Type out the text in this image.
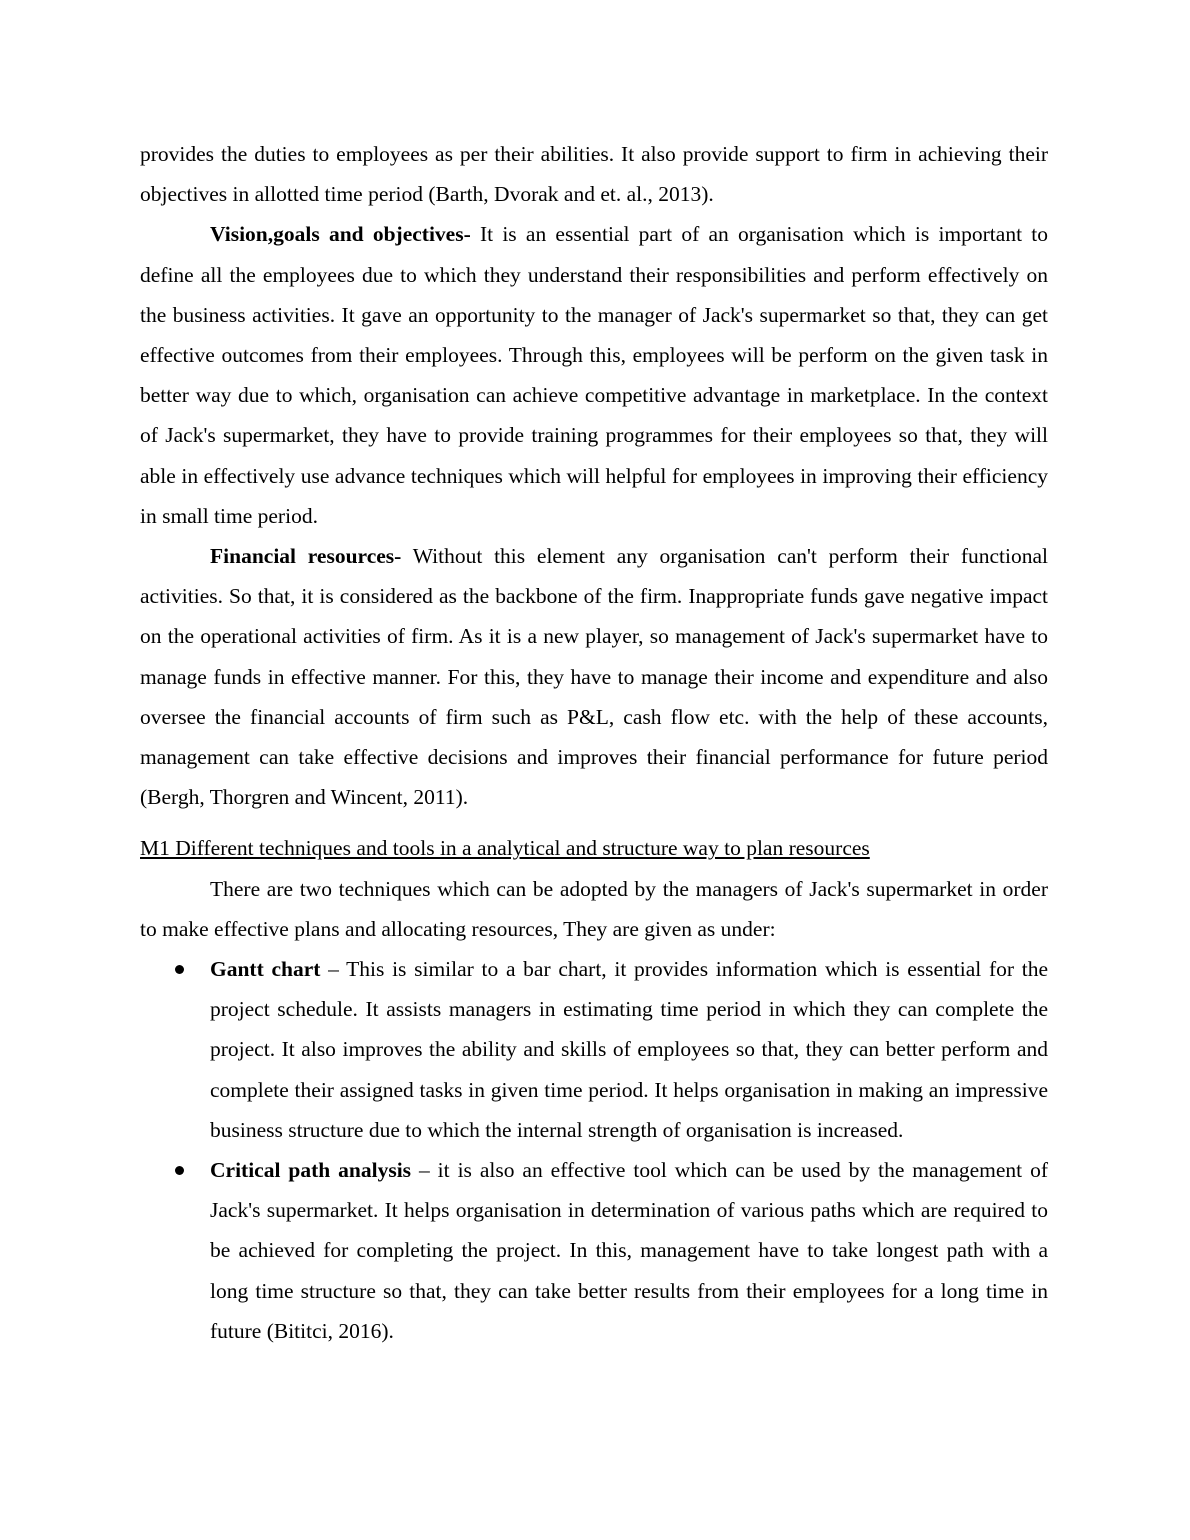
provides the duties to employees as per their abilities. It also provide support to firm in achieving their objectives in allotted time period (Barth, Dvorak and et. al., 2013).

Vision,goals and objectives- It is an essential part of an organisation which is important to define all the employees due to which they understand their responsibilities and perform effectively on the business activities. It gave an opportunity to the manager of Jack's supermarket so that, they can get effective outcomes from their employees. Through this, employees will be perform on the given task in better way due to which, organisation can achieve competitive advantage in marketplace. In the context of Jack's supermarket, they have to provide training programmes for their employees so that, they will able in effectively use advance techniques which will helpful for employees in improving their efficiency in small time period.

Financial resources- Without this element any organisation can't perform their functional activities. So that, it is considered as the backbone of the firm. Inappropriate funds gave negative impact on the operational activities of firm. As it is a new player, so management of Jack's supermarket have to manage funds in effective manner. For this, they have to manage their income and expenditure and also oversee the financial accounts of firm such as P&L, cash flow etc. with the help of these accounts, management can take effective decisions and improves their financial performance for future period (Bergh, Thorgren and Wincent, 2011).

M1 Different techniques and tools in a analytical and structure way to plan resources

There are two techniques which can be adopted by the managers of Jack's supermarket in order to make effective plans and allocating resources, They are given as under:

Gantt chart – This is similar to a bar chart, it provides information which is essential for the project schedule. It assists managers in estimating time period in which they can complete the project. It also improves the ability and skills of employees so that, they can better perform and complete their assigned tasks in given time period. It helps organisation in making an impressive business structure due to which the internal strength of organisation is increased.
Critical path analysis – it is also an effective tool which can be used by the management of Jack's supermarket. It helps organisation in determination of various paths which are required to be achieved for completing the project. In this, management have to take longest path with a long time structure so that, they can take better results from their employees for a long time in future (Bititci, 2016).
